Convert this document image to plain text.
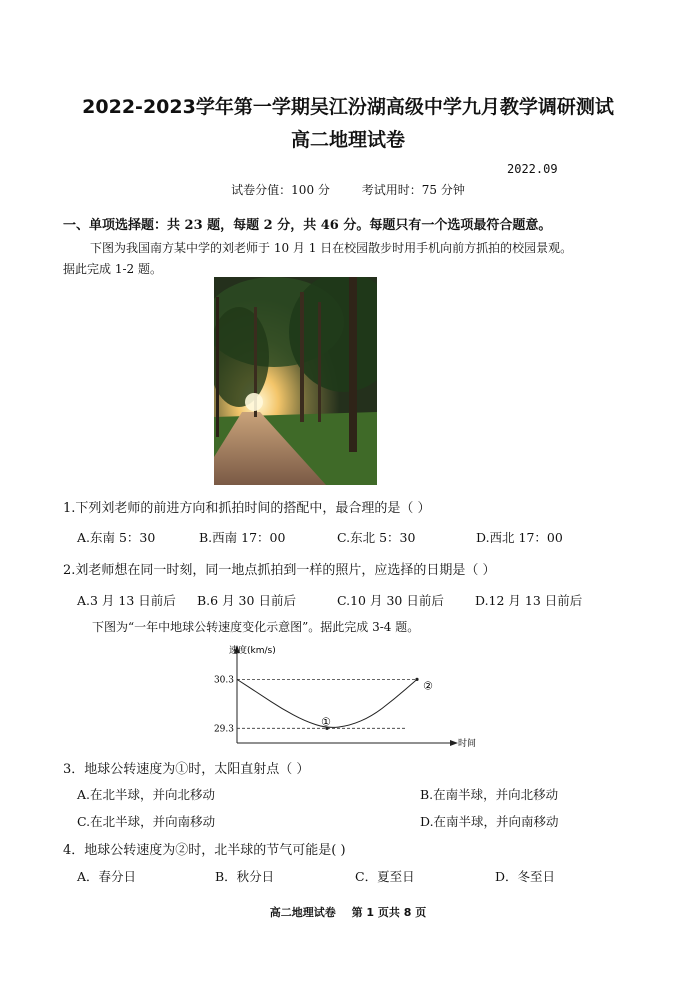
2022-2023学年第一学期吴江汾湖高级中学九月教学调研测试
高二地理试卷
2022.09
试卷分值：100 分	考试用时：75 分钟
一、单项选择题：共 23 题，每题 2 分，共 46 分。每题只有一个选项最符合题意。
下图为我国南方某中学的刘老师于 10 月 1 日在校园散步时用手机向前方抓拍的校园景观。
据此完成 1-2 题。
1.下列刘老师的前进方向和抓拍时间的搭配中，最合理的是（ ）
A.东南 5：30	B.西南 17：00	C.东北 5：30	D.西北 17：00
2.刘老师想在同一时刻，同一地点抓拍到一样的照片，应选择的日期是（ ）
A.3 月 13 日前后 B.6 月 30 日前后	C.10 月 30 日前后 D.12 月 13 日前后
下图为“一年中地球公转速度变化示意图”。据此完成 3-4 题。
速度(km/s)
时间
30.3
29.3
①
②
3．地球公转速度为①时，太阳直射点（ ）
A.在北半球，并向北移动	B.在南半球，并向北移动
C.在北半球，并向南移动	D.在南半球，并向南移动
4．地球公转速度为②时，北半球的节气可能是( )
A．春分日	B．秋分日	C．夏至日	D．冬至日
高二地理试卷 第 1 页共 8 页
